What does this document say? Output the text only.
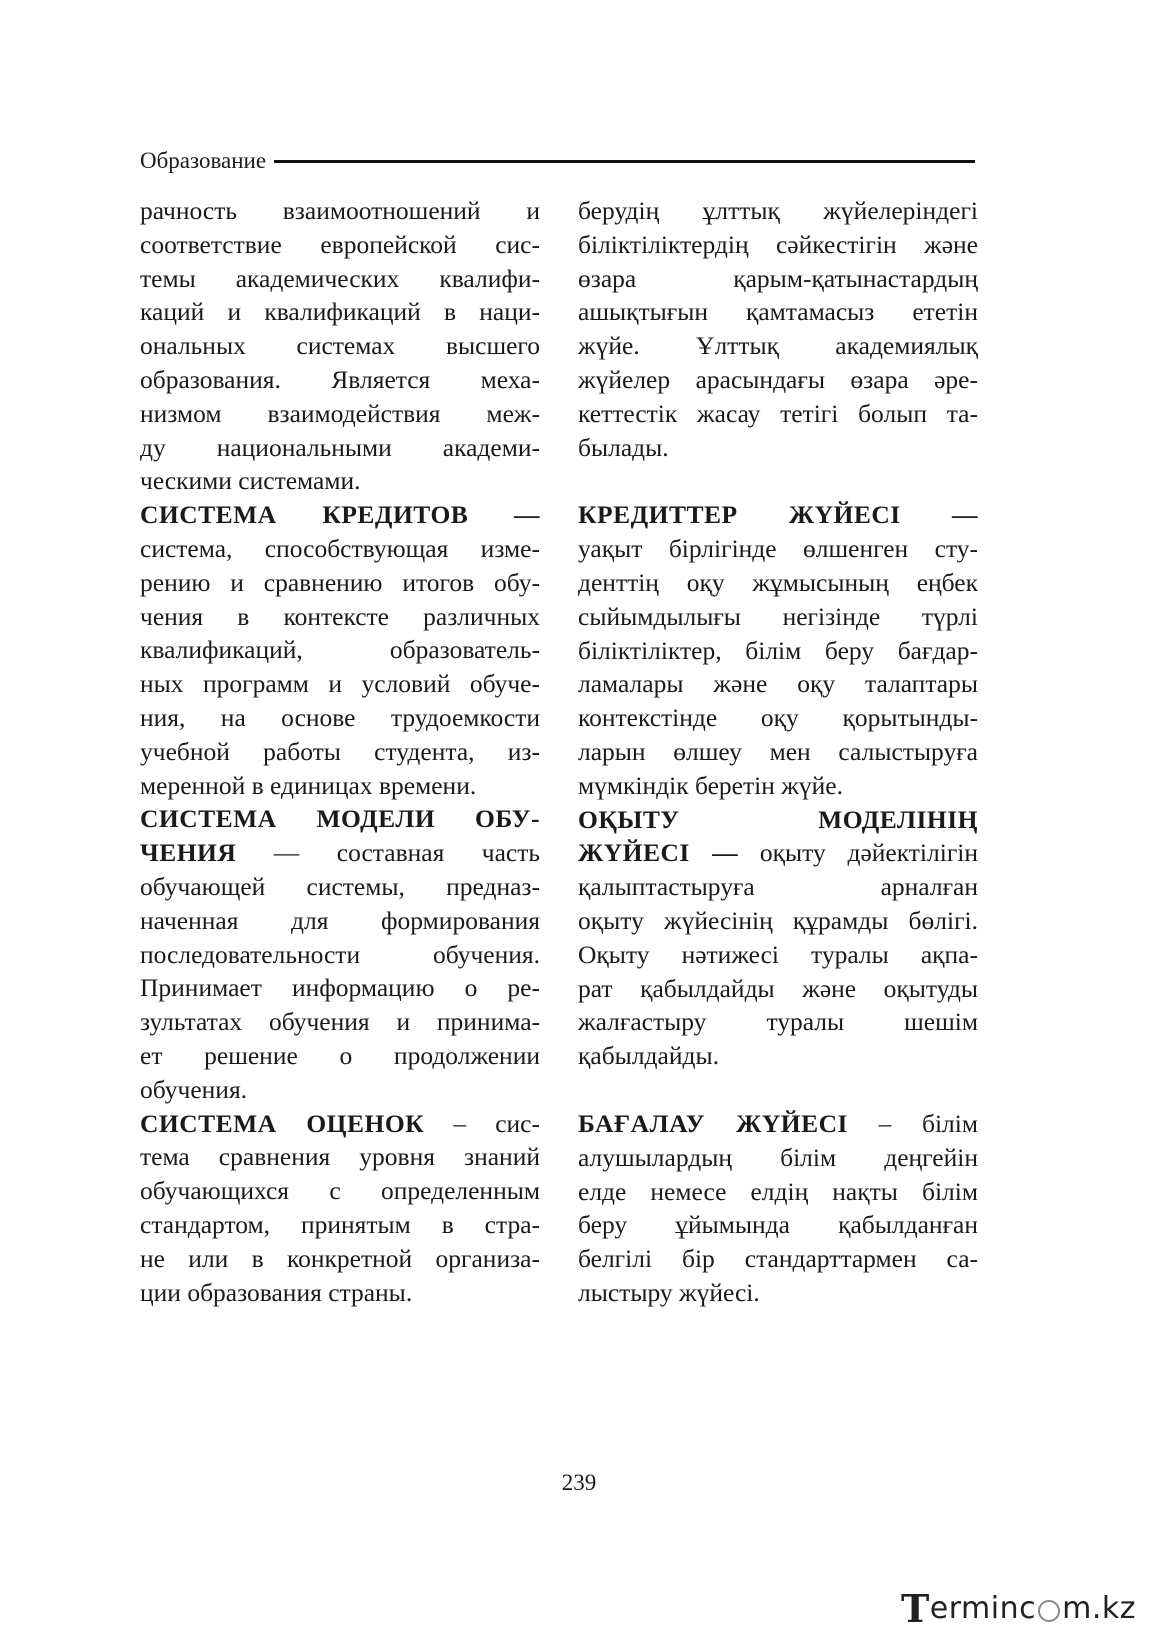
Образование
рачность взаимоотношений и
соответствие европейской сис-
темы академических квалифи-
каций и квалификаций в наци-
ональных системах высшего
образования. Является меха-
низмом взаимодействия меж-
ду национальными академи-
ческими системами.
СИСТЕМА КРЕДИТОВ —
система, способствующая изме-
рению и сравнению итогов обу-
чения в контексте различных
квалификаций, образователь-
ных программ и условий обуче-
ния, на основе трудоемкости
учебной работы студента, из-
меренной в единицах времени.
СИСТЕМА МОДЕЛИ ОБУ-
ЧЕНИЯ — составная часть
обучающей системы, предназ-
наченная для формирования
последовательности обучения.
Принимает информацию о ре-
зультатах обучения и принима-
ет решение о продолжении
обучения.
СИСТЕМА ОЦЕНОК – сис-
тема сравнения уровня знаний
обучающихся с определенным
стандартом, принятым в стра-
не или в конкретной организа-
ции образования страны.
берудің ұлттық жүйелеріндегі
біліктіліктердің сәйкестігін және
өзара қарым-қатынастардың
ашықтығын қамтамасыз ететін
жүйе. Ұлттық академиялық
жүйелер арасындағы өзара әре-
кеттестік жасау тетігі болып та-
былады.
КРЕДИТТЕР ЖҮЙЕСІ —
уақыт бірлігінде өлшенген сту-
денттің оқу жұмысының еңбек
сыйымдылығы негізінде түрлі
біліктіліктер, білім беру бағдар-
ламалары және оқу талаптары
контекстінде оқу қорытынды-
ларын өлшеу мен салыстыруға
мүмкіндік беретін жүйе.
ОҚЫТУ МОДЕЛІНІҢ
ЖҮЙЕСІ — оқыту дәйектілігін
қалыптастыруға арналған
оқыту жүйесінің құрамды бөлігі.
Оқыту нәтижесі туралы ақпа-
рат қабылдайды және оқытуды
жалғастыру туралы шешім
қабылдайды.
БАҒАЛАУ ЖҮЙЕСІ – білім
алушылардың білім деңгейін
елде немесе елдің нақты білім
беру ұйымында қабылданған
белгілі бір стандарттармен са-
лыстыру жүйесі.
239
T erminc m.kz
